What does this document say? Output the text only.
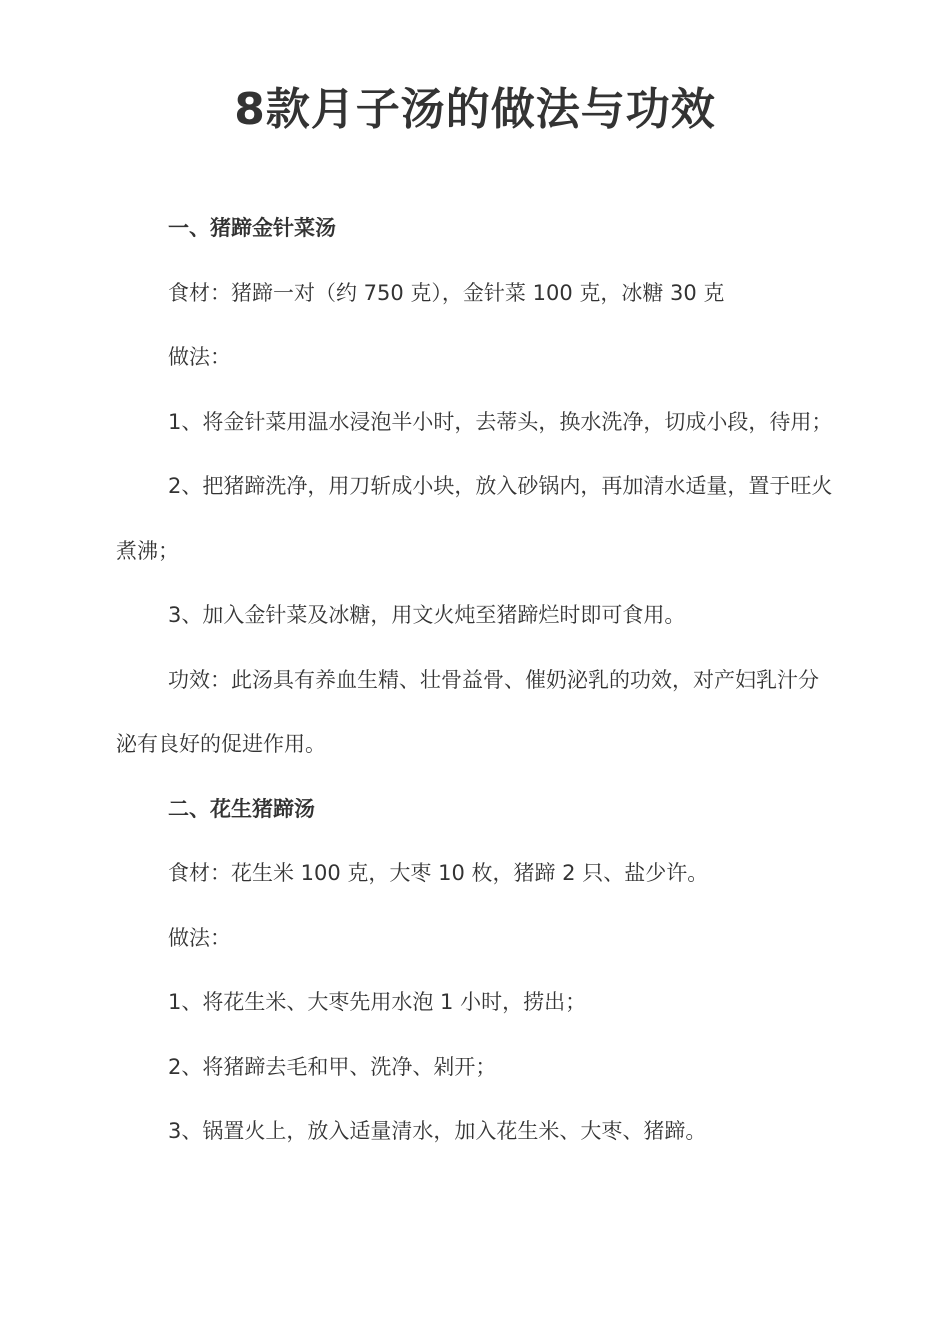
8款月子汤的做法与功效

一、猪蹄金针菜汤

食材：猪蹄一对（约 750 克），金针菜 100 克，冰糖 30 克

做法：

1、将金针菜用温水浸泡半小时，去蒂头，换水洗净，切成小段，待用；

2、把猪蹄洗净，用刀斩成小块，放入砂锅内，再加清水适量，置于旺火煮沸；

3、加入金针菜及冰糖，用文火炖至猪蹄烂时即可食用。

功效：此汤具有养血生精、壮骨益骨、催奶泌乳的功效，对产妇乳汁分泌有良好的促进作用。

二、花生猪蹄汤

食材：花生米 100 克，大枣 10 枚，猪蹄 2 只、盐少许。

做法：

1、将花生米、大枣先用水泡 1 小时，捞出；

2、将猪蹄去毛和甲、洗净、剁开；

3、锅置火上，放入适量清水，加入花生米、大枣、猪蹄。
